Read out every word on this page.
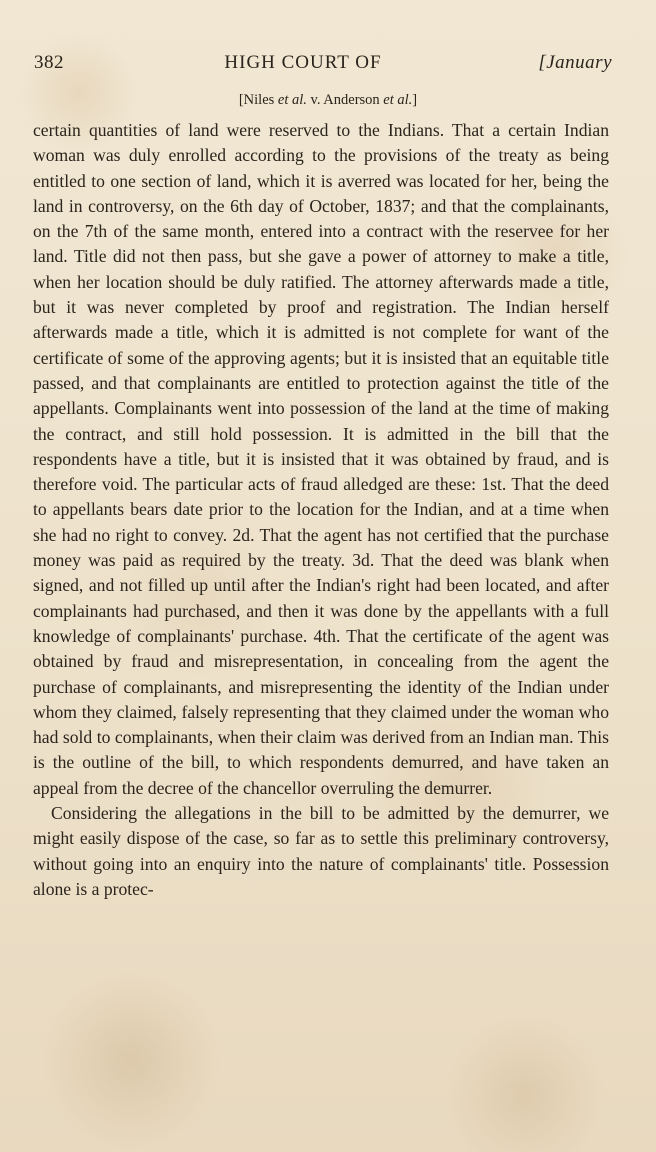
382	HIGH COURT OF	[January
[Niles et al. v. Anderson et al.]

certain quantities of land were reserved to the Indians. That a certain Indian woman was duly enrolled according to the provisions of the treaty as being entitled to one section of land, which it is averred was located for her, being the land in controversy, on the 6th day of October, 1837; and that the complainants, on the 7th of the same month, entered into a contract with the reservee for her land. Title did not then pass, but she gave a power of attorney to make a title, when her location should be duly ratified. The attorney afterwards made a title, but it was never completed by proof and registration. The Indian herself afterwards made a title, which it is admitted is not complete for want of the certificate of some of the approving agents; but it is insisted that an equitable title passed, and that complainants are entitled to protection against the title of the appellants. Complainants went into possession of the land at the time of making the contract, and still hold possession. It is admitted in the bill that the respondents have a title, but it is insisted that it was obtained by fraud, and is therefore void. The particular acts of fraud alledged are these: 1st. That the deed to appellants bears date prior to the location for the Indian, and at a time when she had no right to convey. 2d. That the agent has not certified that the purchase money was paid as required by the treaty. 3d. That the deed was blank when signed, and not filled up until after the Indian's right had been located, and after complainants had purchased, and then it was done by the appellants with a full knowledge of complainants' purchase. 4th. That the certificate of the agent was obtained by fraud and misrepresentation, in concealing from the agent the purchase of complainants, and misrepresenting the identity of the Indian under whom they claimed, falsely representing that they claimed under the woman who had sold to complainants, when their claim was derived from an Indian man. This is the outline of the bill, to which respondents demurred, and have taken an appeal from the decree of the chancellor overruling the demurrer.

Considering the allegations in the bill to be admitted by the demurrer, we might easily dispose of the case, so far as to settle this preliminary controversy, without going into an enquiry into the nature of complainants' title. Possession alone is a protec-
